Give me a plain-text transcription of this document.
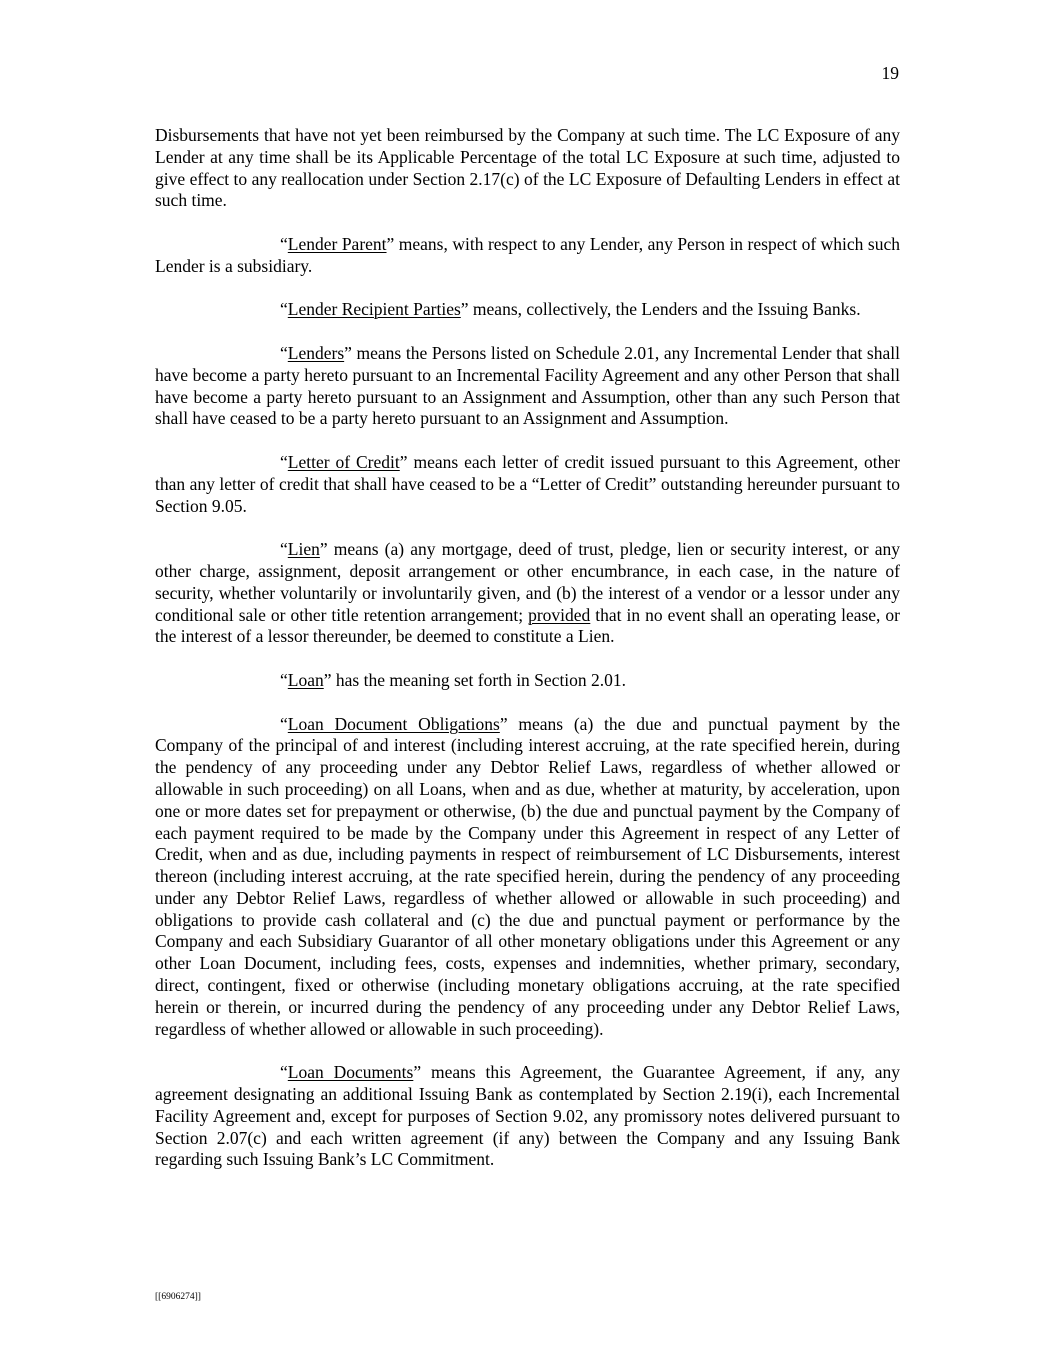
19

Disbursements that have not yet been reimbursed by the Company at such time. The LC Exposure of any Lender at any time shall be its Applicable Percentage of the total LC Exposure at such time, adjusted to give effect to any reallocation under Section 2.17(c) of the LC Exposure of Defaulting Lenders in effect at such time.

“Lender Parent” means, with respect to any Lender, any Person in respect of which such Lender is a subsidiary.

“Lender Recipient Parties” means, collectively, the Lenders and the Issuing Banks.

“Lenders” means the Persons listed on Schedule 2.01, any Incremental Lender that shall have become a party hereto pursuant to an Incremental Facility Agreement and any other Person that shall have become a party hereto pursuant to an Assignment and Assumption, other than any such Person that shall have ceased to be a party hereto pursuant to an Assignment and Assumption.

“Letter of Credit” means each letter of credit issued pursuant to this Agreement, other than any letter of credit that shall have ceased to be a “Letter of Credit” outstanding hereunder pursuant to Section 9.05.

“Lien” means (a) any mortgage, deed of trust, pledge, lien or security interest, or any other charge, assignment, deposit arrangement or other encumbrance, in each case, in the nature of security, whether voluntarily or involuntarily given, and (b) the interest of a vendor or a lessor under any conditional sale or other title retention arrangement; provided that in no event shall an operating lease, or the interest of a lessor thereunder, be deemed to constitute a Lien.

“Loan” has the meaning set forth in Section 2.01.

“Loan Document Obligations” means (a) the due and punctual payment by the Company of the principal of and interest (including interest accruing, at the rate specified herein, during the pendency of any proceeding under any Debtor Relief Laws, regardless of whether allowed or allowable in such proceeding) on all Loans, when and as due, whether at maturity, by acceleration, upon one or more dates set for prepayment or otherwise, (b) the due and punctual payment by the Company of each payment required to be made by the Company under this Agreement in respect of any Letter of Credit, when and as due, including payments in respect of reimbursement of LC Disbursements, interest thereon (including interest accruing, at the rate specified herein, during the pendency of any proceeding under any Debtor Relief Laws, regardless of whether allowed or allowable in such proceeding) and obligations to provide cash collateral and (c) the due and punctual payment or performance by the Company and each Subsidiary Guarantor of all other monetary obligations under this Agreement or any other Loan Document, including fees, costs, expenses and indemnities, whether primary, secondary, direct, contingent, fixed or otherwise (including monetary obligations accruing, at the rate specified herein or therein, or incurred during the pendency of any proceeding under any Debtor Relief Laws, regardless of whether allowed or allowable in such proceeding).

“Loan Documents” means this Agreement, the Guarantee Agreement, if any, any agreement designating an additional Issuing Bank as contemplated by Section 2.19(i), each Incremental Facility Agreement and, except for purposes of Section 9.02, any promissory notes delivered pursuant to Section 2.07(c) and each written agreement (if any) between the Company and any Issuing Bank regarding such Issuing Bank’s LC Commitment.

[[6906274]]
